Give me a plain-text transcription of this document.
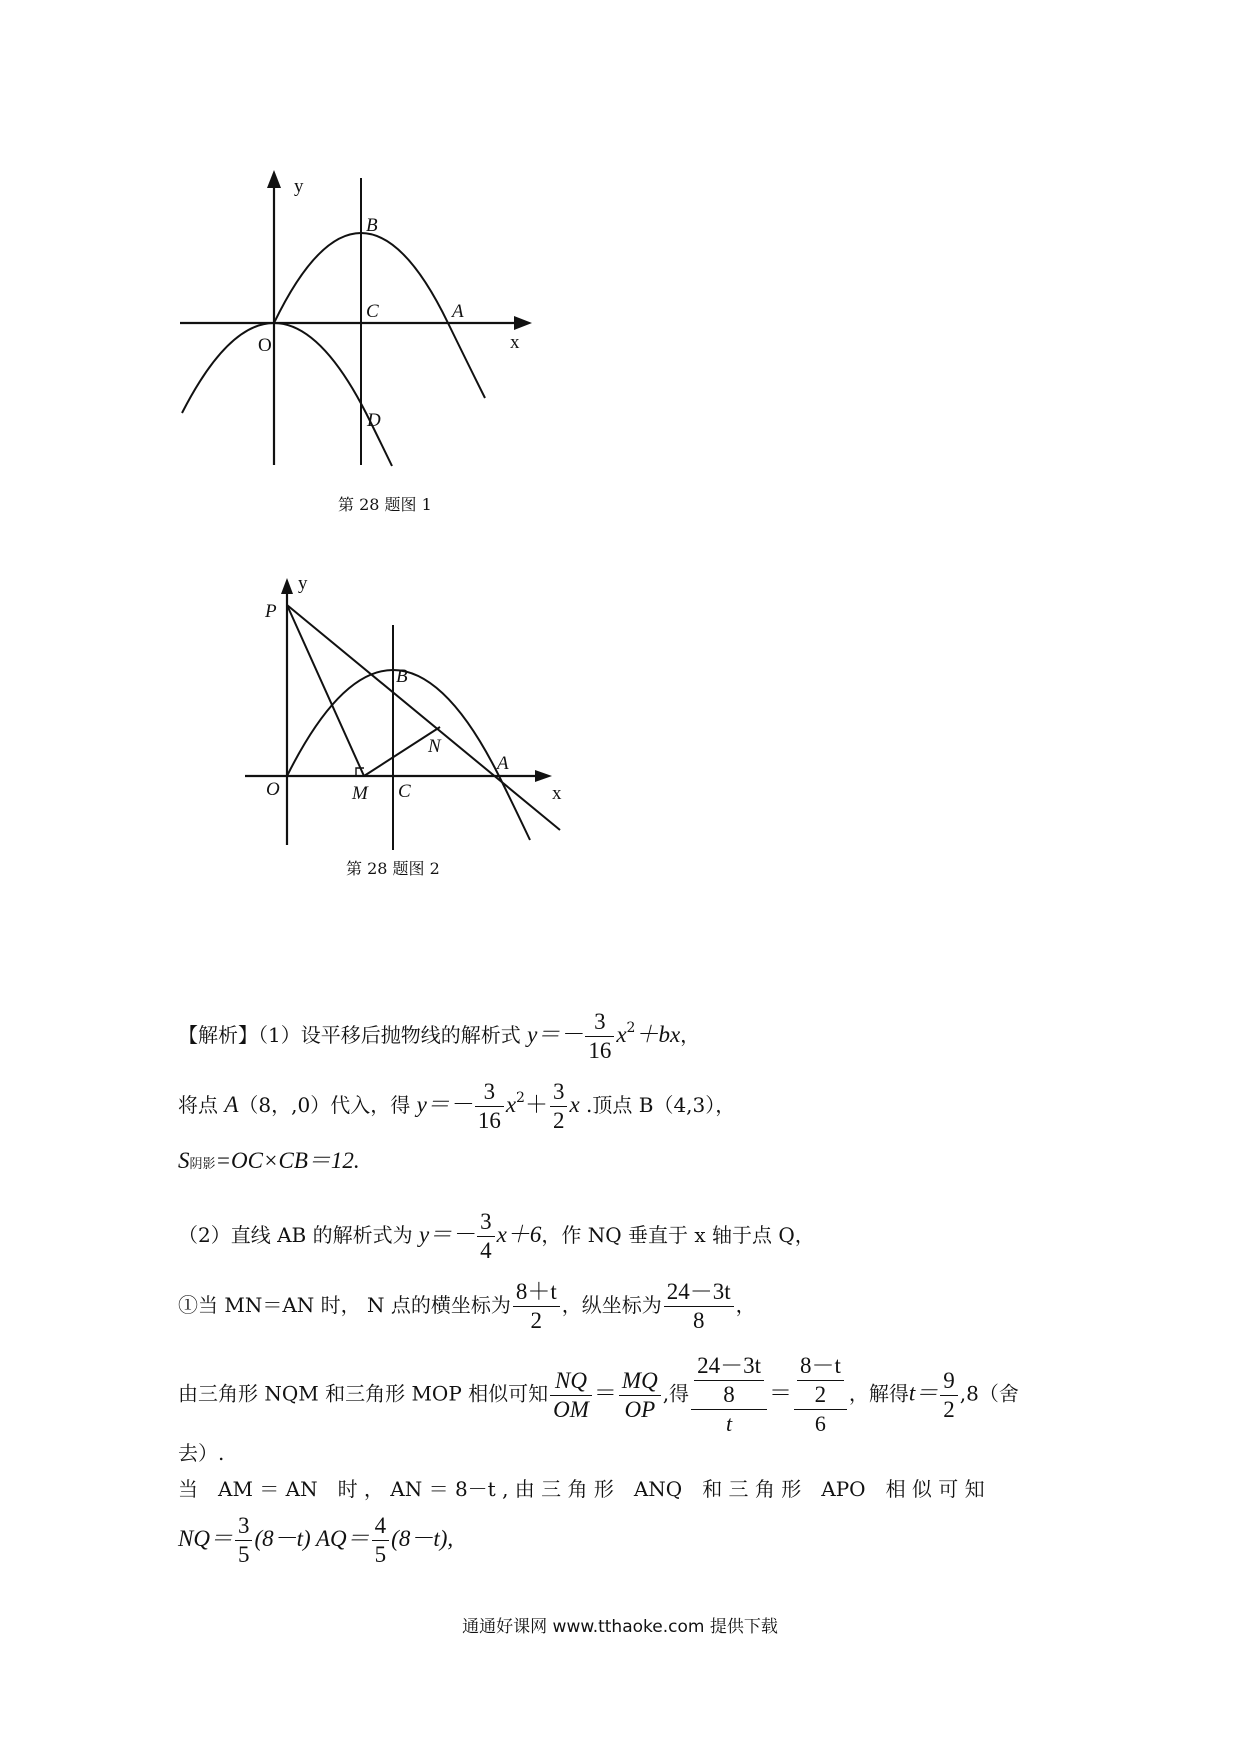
y
x
B
C	A
O
D
第 28 题图 1
y
x
P
B
N
O	M C
A
第 28 题图 2
【解析】（1）设平移后抛物线的解析式 $y=- \frac{3}{16} x^2+bx$，
将点 A（8，,0）代入，得 $y=- \frac{3}{16} x^2+ \frac{3}{2}$ x .顶点 B（4,3），
S阴影=OC×CB＝12.
（2）直线 AB 的解析式为 $y=- \frac{3}{4} x+6$，作 NQ 垂直于 x 轴于点 Q，
①当 MN＝AN 时， N 点的横坐标为 $\frac{8+t}{2}$ ，纵坐标为 $\frac{24-3t}{8}$ ，
由三角形 NQM 和三角形 MOP 相似可知 $\frac{NQ}{OM} = \frac{MQ}{OP}$ ,得 $\frac{\frac{24-3t}{8}}{t} = \frac{\frac{8-t}{2}}{6}$ ，解得$t= \frac{9}{2} ,8$（舍
去）.
当　AM ＝ AN　时 ， AN ＝ 8－t , 由 三 角 形　ANQ　和 三 角 形　APO　相 似 可 知
$NQ= \frac{3}{5} (8-t)$ $AQ= \frac{4}{5} (8-t)$,
通通好课网 www.tthaoke.com 提供下载
